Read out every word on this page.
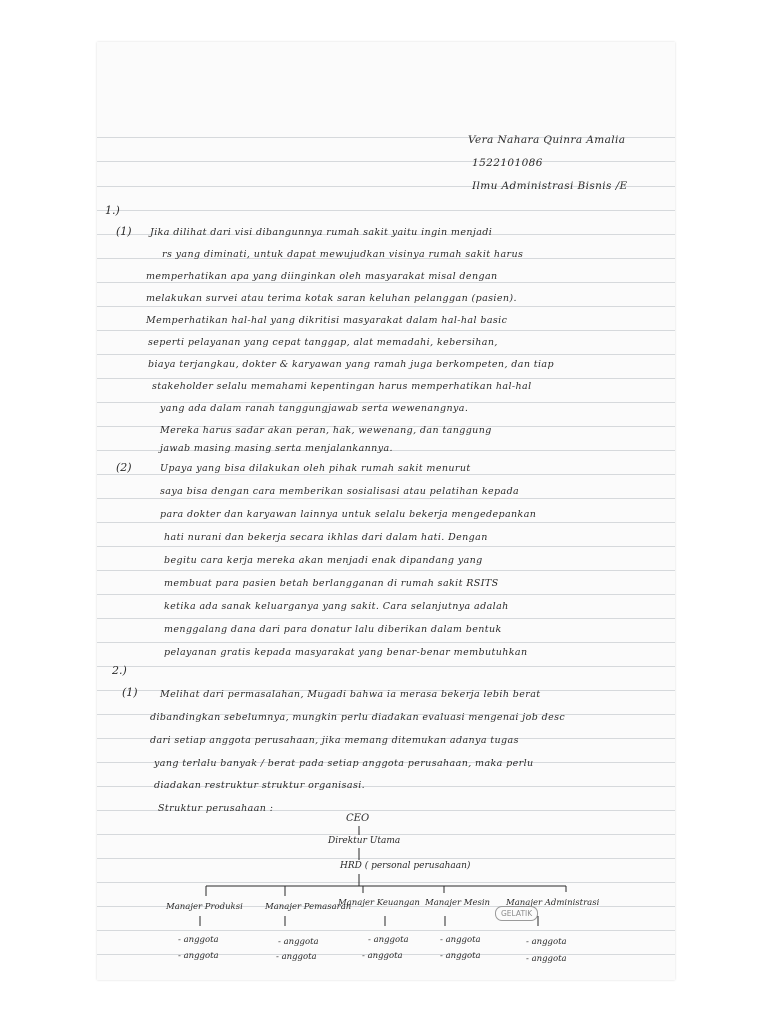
Vera Nahara Quinra Amalia
1522101086
Ilmu Administrasi Bisnis /E
1.)
(1) Jika dilihat dari visi dibangunnya rumah sakit yaitu ingin menjadi
rs yang diminati, untuk dapat mewujudkan visinya rumah sakit harus
memperhatikan apa yang diinginkan oleh masyarakat misal dengan
melakukan survei atau terima kotak saran keluhan pelanggan (pasien).
Memperhatikan hal-hal yang dikritisi masyarakat dalam hal-hal basic
seperti pelayanan yang cepat tanggap, alat memadahi, kebersihan,
biaya terjangkau, dokter & karyawan yang ramah juga berkompeten, dan tiap
stakeholder selalu memahami kepentingan harus memperhatikan hal-hal
yang ada dalam ranah tanggungjawab serta wewenangnya.
Mereka harus sadar akan peran, hak, wewenang, dan tanggung
jawab masing masing serta menjalankannya.
(2)	Upaya yang bisa dilakukan oleh pihak rumah sakit menurut
saya bisa dengan cara memberikan sosialisasi atau pelatihan kepada
para dokter dan karyawan lainnya untuk selalu bekerja mengedepankan
hati nurani dan bekerja secara ikhlas dari dalam hati. Dengan
begitu cara kerja mereka akan menjadi enak dipandang yang
membuat para pasien betah berlangganan di rumah sakit RSITS
ketika ada sanak keluarganya yang sakit. Cara selanjutnya adalah
menggalang dana dari para donatur lalu diberikan dalam bentuk
pelayanan gratis kepada masyarakat yang benar-benar membutuhkan
2.)
(1) Melihat dari permasalahan, Mugadi bahwa ia merasa bekerja lebih berat
dibandingkan sebelumnya, mungkin perlu diadakan evaluasi mengenai job desc
dari setiap anggota perusahaan, jika memang ditemukan adanya tugas
yang terlalu banyak / berat pada setiap anggota perusahaan, maka perlu
diadakan restruktur struktur organisasi.
Struktur perusahaan :
CEO
Direktur Utama
HRD ( personal perusahaan)
Manajer Produksi	Manajer Pemasaran
Manajer Keuangan Manajer Mesin Manajer Administrasi
- anggota
- anggota
- anggota
- anggota
- anggota
- anggota
- anggota
- anggota
- anggota
- anggota
GELATIK
